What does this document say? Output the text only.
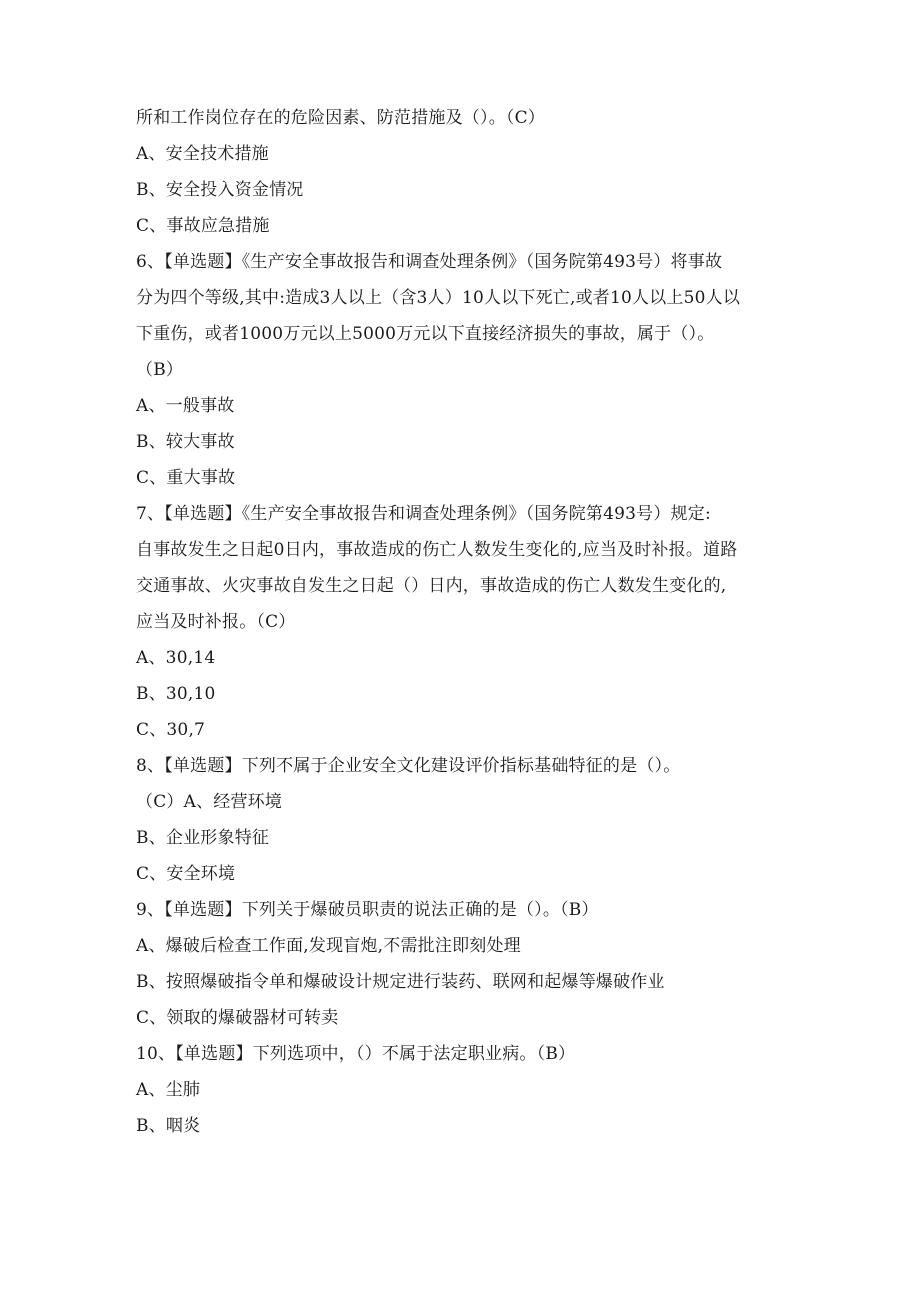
所和工作岗位存在的危险因素、防范措施及（）。（C）
A、安全技术措施
B、安全投入资金情况
C、事故应急措施
6、【单选题】《生产安全事故报告和调查处理条例》（国务院第493号）将事故
分为四个等级,其中:造成3人以上（含3人）10人以下死亡,或者10人以上50人以
下重伤，或者1000万元以上5000万元以下直接经济损失的事故，属于（）。
（B）
A、一般事故
B、较大事故
C、重大事故
7、【单选题】《生产安全事故报告和调查处理条例》（国务院第493号）规定:
自事故发生之日起0日内，事故造成的伤亡人数发生变化的,应当及时补报。道路
交通事故、火灾事故自发生之日起（）日内，事故造成的伤亡人数发生变化的,
应当及时补报。（C）
A、30,14
B、30,10
C、30,7
8、【单选题】下列不属于企业安全文化建设评价指标基础特征的是（）。
（C）A、经营环境
B、企业形象特征
C、安全环境
9、【单选题】下列关于爆破员职责的说法正确的是（）。（B）
A、爆破后检查工作面,发现盲炮,不需批注即刻处理
B、按照爆破指令单和爆破设计规定进行装药、联网和起爆等爆破作业
C、领取的爆破器材可转卖
10、【单选题】下列选项中，（）不属于法定职业病。（B）
A、尘肺
B、咽炎
